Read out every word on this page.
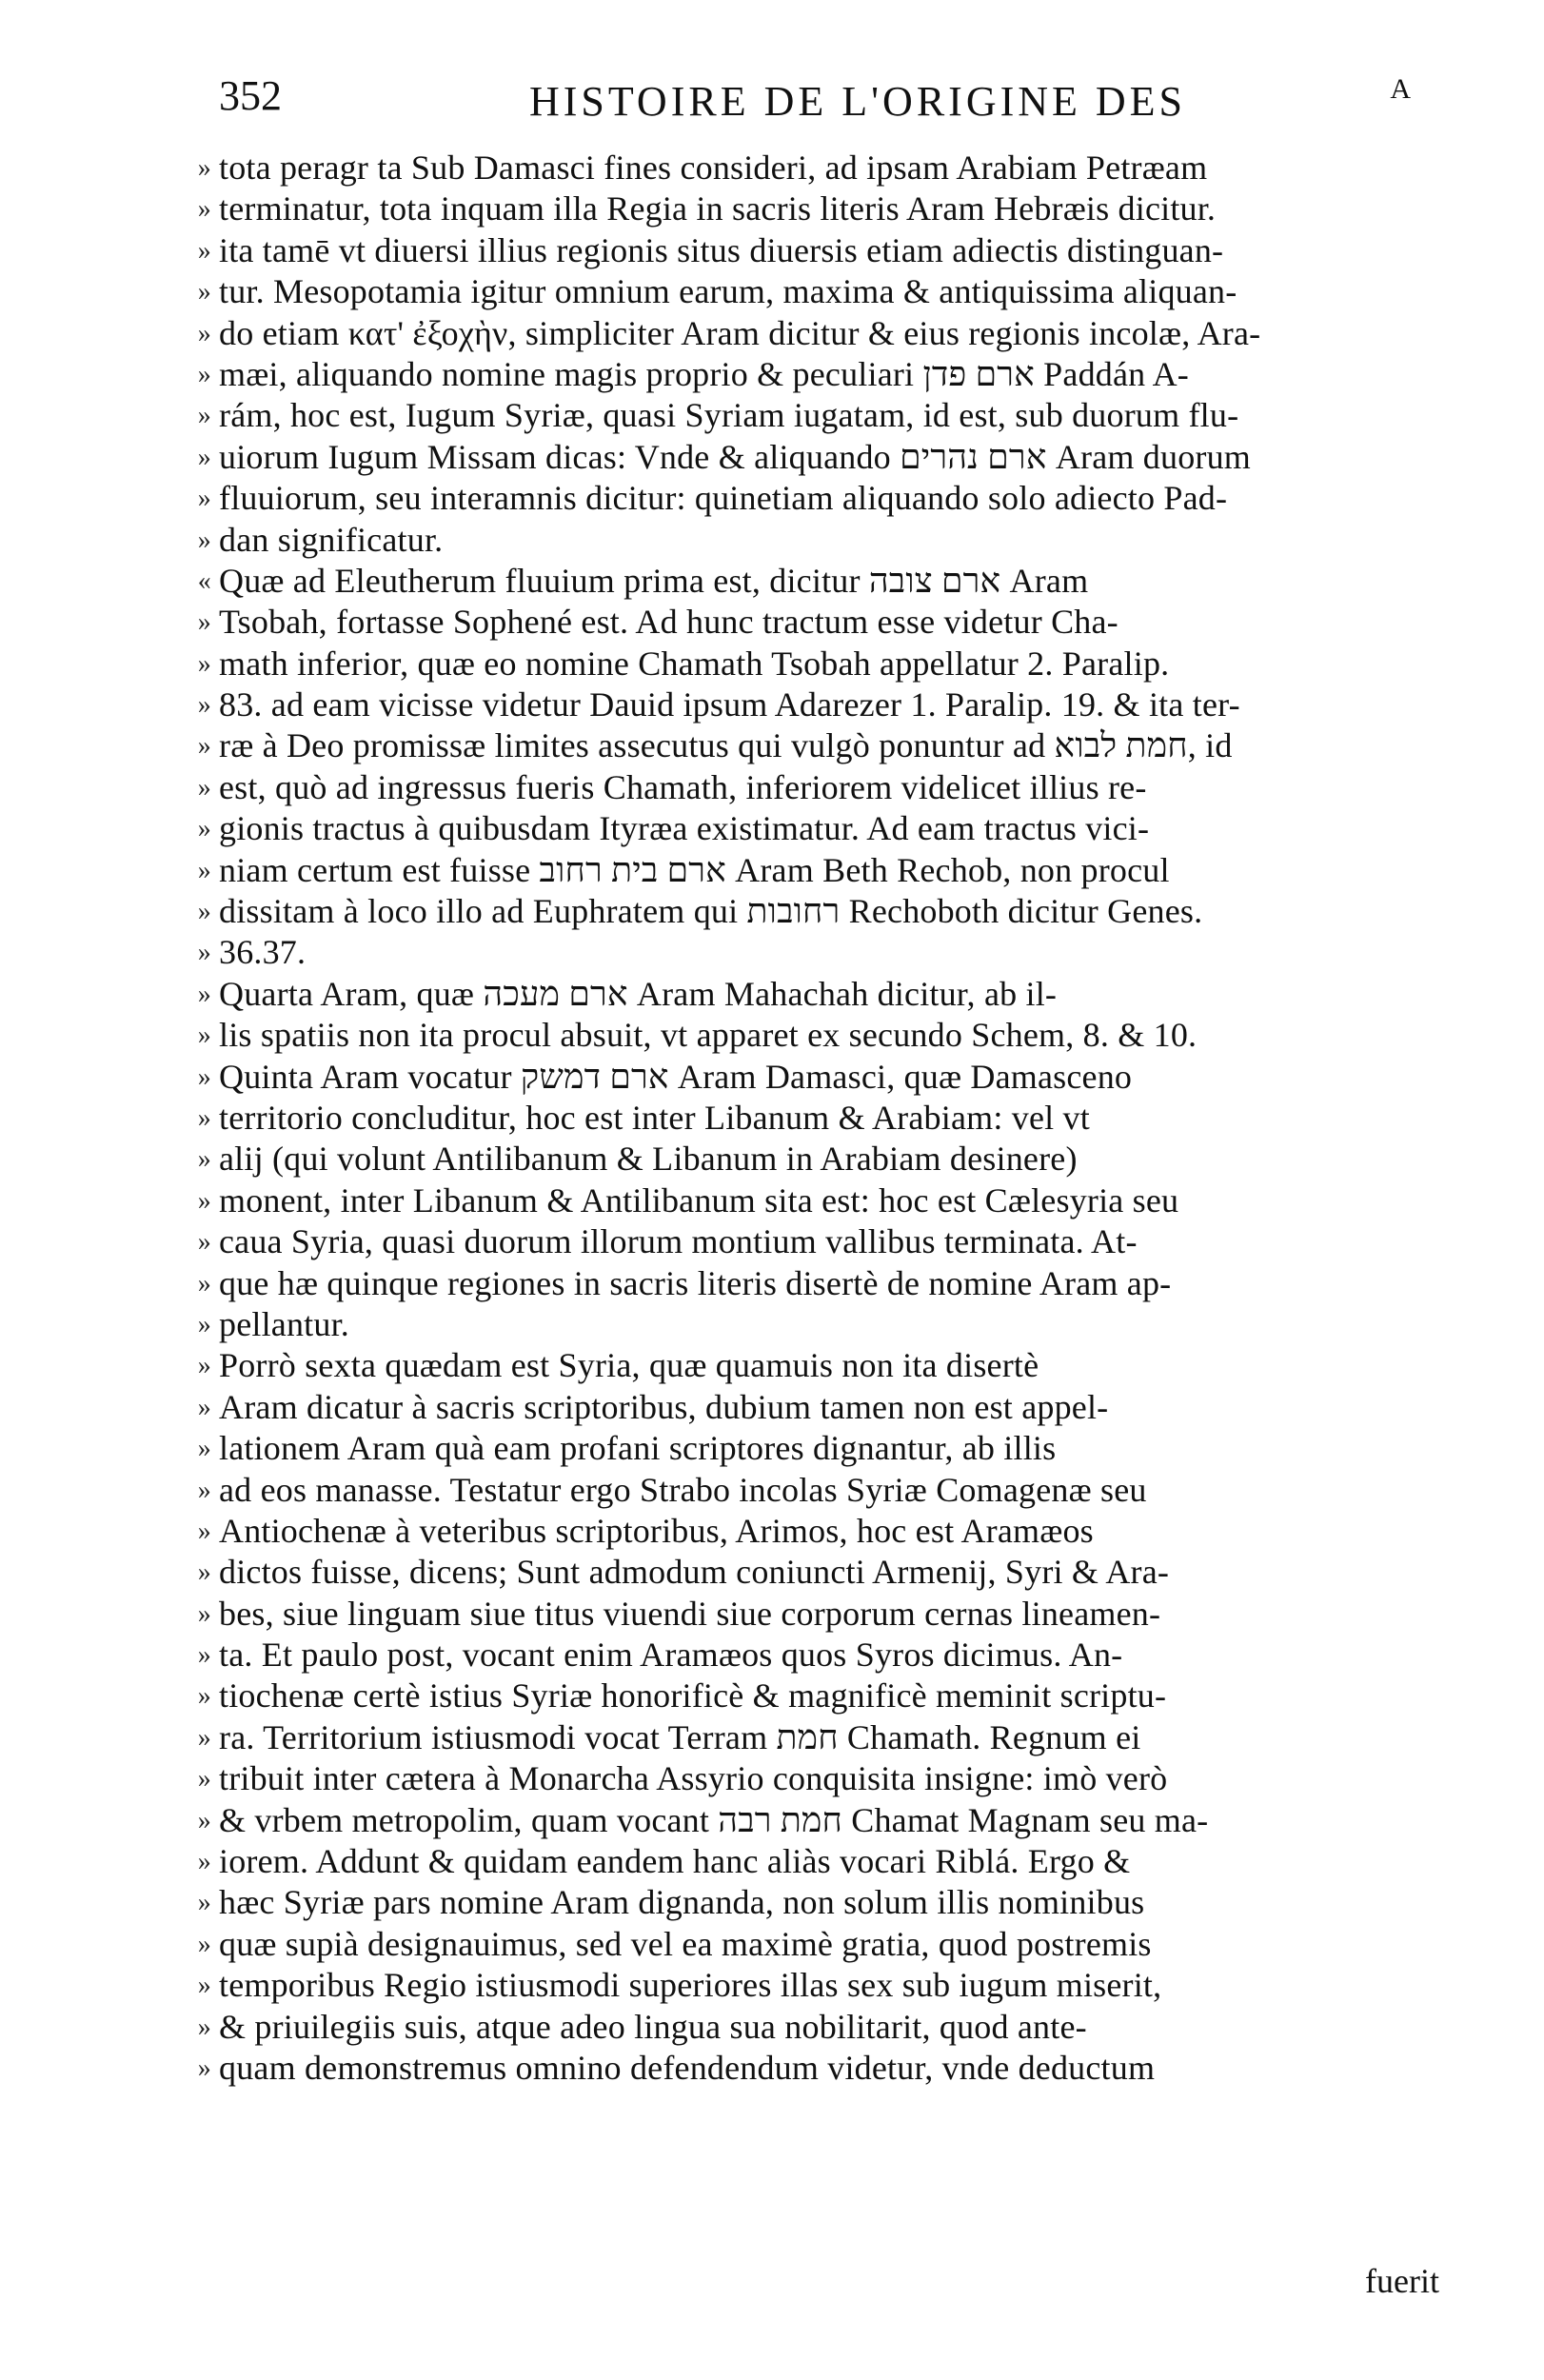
352	HISTOIRE DE L'ORIGINE DES	A
» tota peragr ta Sub Damasci fines consideri, ad ipsam Arabiam Petræam
» terminatur, tota inquam illa Regia in sacris literis Aram Hebræis dicitur.
» ita tamē vt diuersi illius regionis situs diuersis etiam adiectis distinguan-
» tur. Mesopotamia igitur omnium earum, maxima & antiquissima aliquan-
» do etiam κατ' ἐξοχὴν, simpliciter Aram dicitur & eius regionis incolæ, Ara-
» mæi, aliquando nomine magis proprio & peculiari ארם פדן Paddán A-
» rám, hoc est, Iugum Syriæ, quasi Syriam iugatam, id est, sub duorum flu-
» uiorum Iugum Missam dicas: Vnde & aliquando ארם נהרים Aram duorum
» fluuiorum, seu interamnis dicitur: quinetiam aliquando solo adiecto Pad-
» dan significatur.
« Quæ ad Eleutherum fluuium prima est, dicitur ארם צובה Aram
» Tsobah, fortasse Sophené est. Ad hunc tractum esse videtur Cha-
» math inferior, quæ eo nomine Chamath Tsobah appellatur 2. Paralip.
» 83. ad eam vicisse videtur Dauid ipsum Adarezer 1. Paralip. 19. & ita ter-
» ræ à Deo promissæ limites assecutus qui vulgò ponuntur ad חמת לבוא, id
» est, quò ad ingressus fueris Chamath, inferiorem videlicet illius re-
» gionis tractus à quibusdam Ityræa existimatur. Ad eam tractus vici-
» niam certum est fuisse ארם בית רחוב Aram Beth Rechob, non procul
» dissitam à loco illo ad Euphratem qui רחובות Rechoboth dicitur Genes.
» 36.37.
» Quarta Aram, quæ ארם מעכה Aram Mahachah dicitur, ab il-
» lis spatiis non ita procul absuit, vt apparet ex secundo Schem, 8. & 10.
» Quinta Aram vocatur ארם דמשק Aram Damasci, quæ Damasceno
» territorio concluditur, hoc est inter Libanum & Arabiam: vel vt
» alij (qui volunt Antilibanum & Libanum in Arabiam desinere)
» monent, inter Libanum & Antilibanum sita est: hoc est Cælesyria seu
» caua Syria, quasi duorum illorum montium vallibus terminata. At-
» que hæ quinque regiones in sacris literis disertè de nomine Aram ap-
» pellantur.
» Porrò sexta quædam est Syria, quæ quamuis non ita disertè
» Aram dicatur à sacris scriptoribus, dubium tamen non est appel-
» lationem Aram quà eam profani scriptores dignantur, ab illis
» ad eos manasse. Testatur ergo Strabo incolas Syriæ Comagenæ seu
» Antiochenæ à veteribus scriptoribus, Arimos, hoc est Aramæos
» dictos fuisse, dicens; Sunt admodum coniuncti Armenij, Syri & Ara-
» bes, siue linguam siue titus viuendi siue corporum cernas lineamen-
» ta. Et paulo post, vocant enim Aramæos quos Syros dicimus. An-
» tiochenæ certè istius Syriæ honorificè & magnificè meminit scriptu-
» ra. Territorium istiusmodi vocat Terram חמת Chamath. Regnum ei
» tribuit inter cætera à Monarcha Assyrio conquisita insigne: imò verò
» & vrbem metropolim, quam vocant חמת רבה Chamat Magnam seu ma-
» iorem. Addunt & quidam eandem hanc aliàs vocari Riblá. Ergo &
» hæc Syriæ pars nomine Aram dignanda, non solum illis nominibus
» quæ supià designauimus, sed vel ea maximè gratia, quod postremis
» temporibus Regio istiusmodi superiores illas sex sub iugum miserit,
» & priuilegiis suis, atque adeo lingua sua nobilitarit, quod ante-
» quam demonstremus omnino defendendum videtur, vnde deductum
fuerit
